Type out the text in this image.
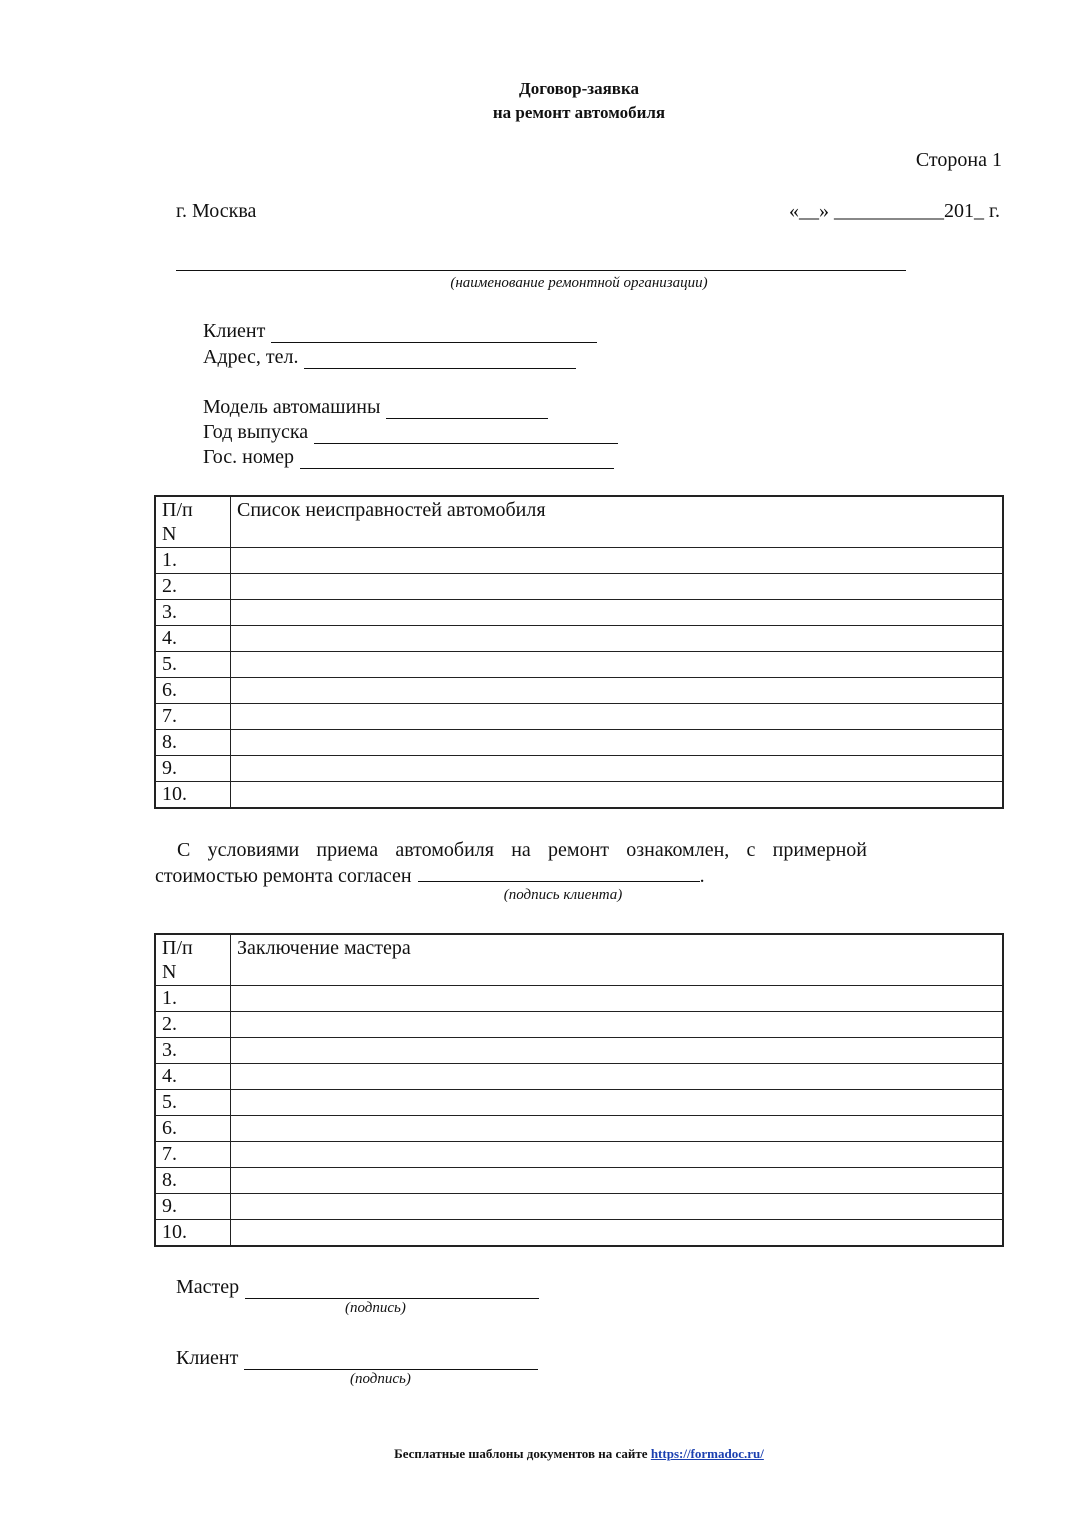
Договор-заявка
на ремонт автомобиля
Сторона 1
г. Москва	«__» ___________201_ г.
(наименование ремонтной организации)
Клиент
Адрес, тел.
Модель автомашины
Год выпуска
Гос. номер
П/п
N	Список неисправностей автомобиля
1.	
2.	
3.	
4.	
5.	
6.	
7.	
8.	
9.	
10.	
С условиями приема автомобиля на ремонт ознакомлен, с примерной
стоимостью ремонта согласен	.
(подпись клиента)
П/п
N	Заключение мастера
1.	
2.	
3.	
4.	
5.	
6.	
7.	
8.	
9.	
10.	
Мастер
(подпись)
Клиент
(подпись)
Бесплатные шаблоны документов на сайте https://formadoc.ru/
